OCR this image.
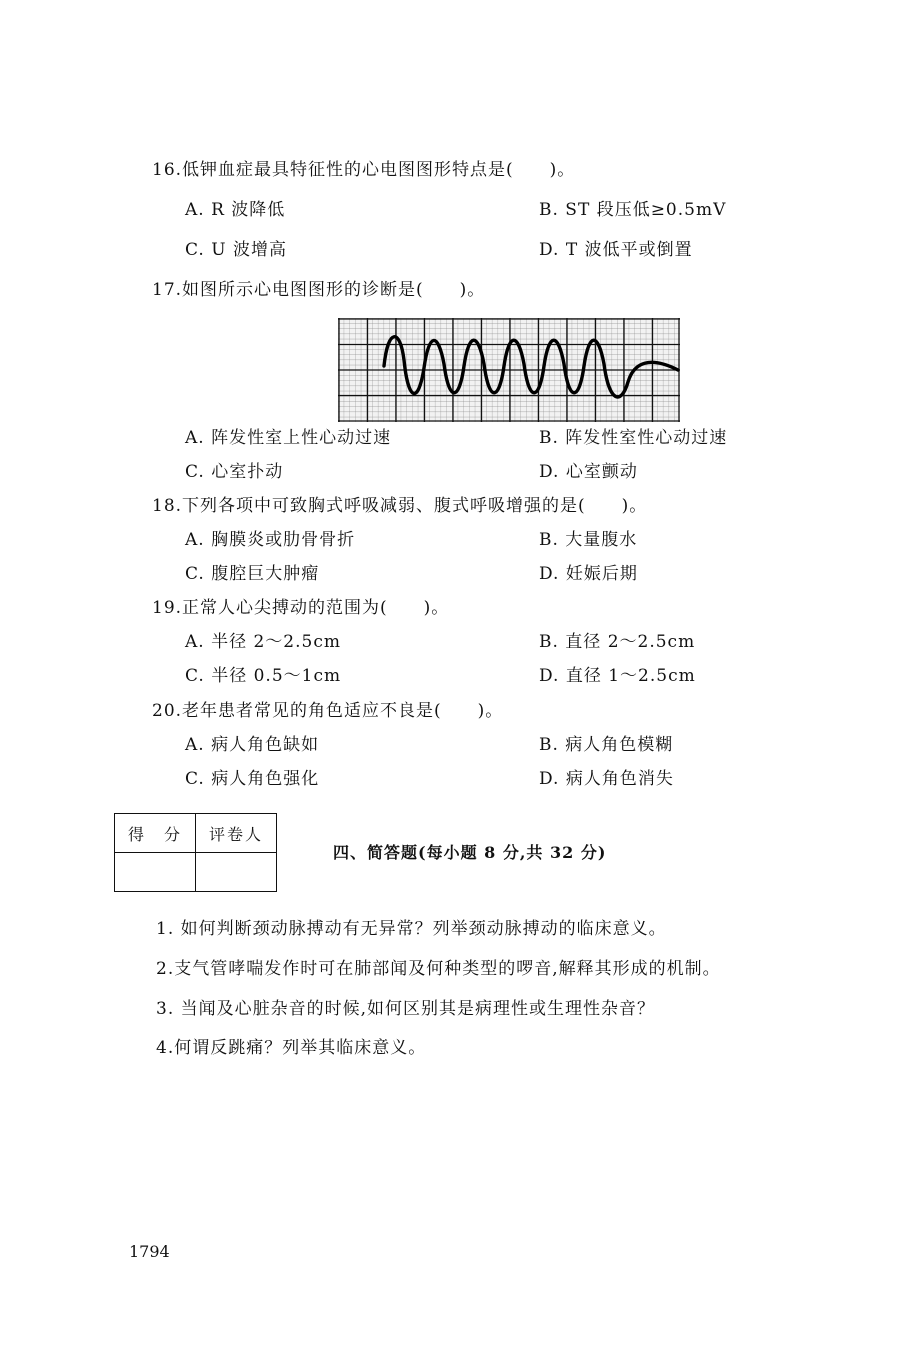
16.低钾血症最具特征性的心电图图形特点是(　　)。
A. R 波降低	B. ST 段压低≥0.5mV
C. U 波增高	D. T 波低平或倒置
17.如图所示心电图图形的诊断是(　　)。
A. 阵发性室上性心动过速	B. 阵发性室性心动过速
C. 心室扑动	D. 心室颤动
18.下列各项中可致胸式呼吸减弱、腹式呼吸增强的是(　　)。
A. 胸膜炎或肋骨骨折	B. 大量腹水
C. 腹腔巨大肿瘤	D. 妊娠后期
19.正常人心尖搏动的范围为(　　)。
A. 半径 2～2.5cm	B. 直径 2～2.5cm
C. 半径 0.5～1cm	D. 直径 1～2.5cm
20.老年患者常见的角色适应不良是(　　)。
A. 病人角色缺如	B. 病人角色模糊
C. 病人角色强化	D. 病人角色消失
得　分	评卷人

四、简答题(每小题 8 分,共 32 分)
1. 如何判断颈动脉搏动有无异常？列举颈动脉搏动的临床意义。
2.支气管哮喘发作时可在肺部闻及何种类型的啰音,解释其形成的机制。
3. 当闻及心脏杂音的时候,如何区别其是病理性或生理性杂音？
4.何谓反跳痛？列举其临床意义。
1794
